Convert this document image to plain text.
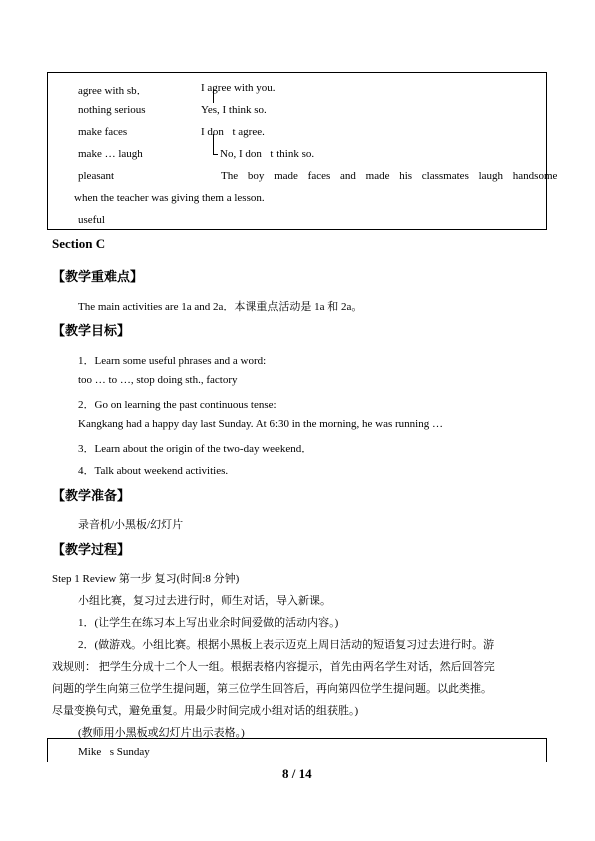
agree with sb．
nothing serious
make faces
make … laugh
pleasant
useful
I agree with you.
Yes, I think so.
I don t agree.
No, I don t think so.
The boy made faces and made his classmates laugh handsome
when the teacher was giving them a lesson.
Section C
【教学重难点】
The main activities are 1a and 2a．本课重点活动是 1a 和 2a。
【教学目标】
1．Learn some useful phrases and a word:
too … to …, stop doing sth., factory
2．Go on learning the past continuous tense:
Kangkang had a happy day last Sunday. At 6:30 in the morning, he was running …
3．Learn about the origin of the two-day weekend．
4．Talk about weekend activities.
【教学准备】
录音机/小黑板/幻灯片
【教学过程】
Step 1 Review 第一步 复习(时间:8 分钟)
小组比赛，复习过去进行时，师生对话，导入新课。
1．(让学生在练习本上写出业余时间爱做的活动内容。)
2．(做游戏。小组比赛。根据小黑板上表示迈克上周日活动的短语复习过去进行时。游
戏规则： 把学生分成十二个人一组。根据表格内容提示，首先由两名学生对话，然后回答完
问题的学生向第三位学生提问题，第三位学生回答后，再向第四位学生提问题。以此类推。
尽量变换句式，避免重复。用最少时间完成小组对话的组获胜。)
(教师用小黑板或幻灯片出示表格。)
Mike s Sunday
8 / 14
